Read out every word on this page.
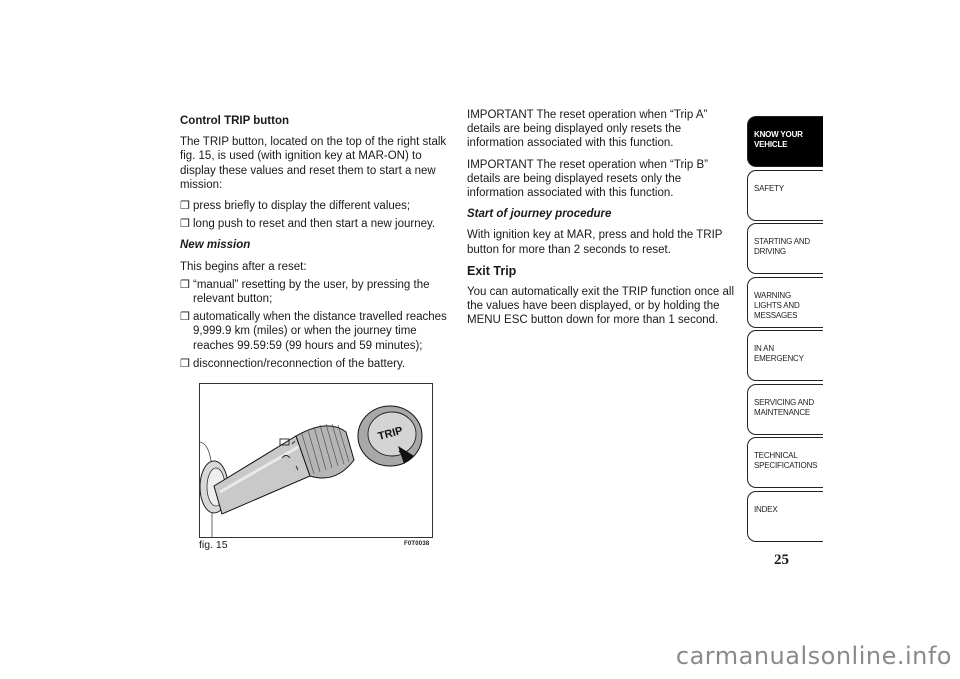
Control TRIP button

The TRIP button, located on the top of the right stalk fig. 15, is used (with ignition key at MAR-ON) to display these values and reset them to start a new mission:

❒ press briefly to display the different values;
❒ long push to reset and then start a new journey.

New mission

This begins after a reset:

❒ “manual” resetting by the user, by pressing the relevant button;
❒ automatically when the distance travelled reaches 9,999.9 km (miles) or when the journey time reaches 99.59:59 (99 hours and 59 minutes);
❒ disconnection/reconnection of the battery.

IMPORTANT The reset operation when “Trip A” details are being displayed only resets the information associated with this function.

IMPORTANT The reset operation when “Trip B” details are being displayed resets only the information associated with this function.

Start of journey procedure

With ignition key at MAR, press and hold the TRIP button for more than 2 seconds to reset.

Exit Trip

You can automatically exit the TRIP function once all the values have been displayed, or by holding the MENU ESC button down for more than 1 second.

TRIP
fig. 15	F0T0038
KNOW YOUR VEHICLE
SAFETY
STARTING AND DRIVING
WARNING LIGHTS AND MESSAGES
IN AN EMERGENCY
SERVICING AND MAINTENANCE
TECHNICAL SPECIFICATIONS
INDEX
25
carmanualsonline.info
